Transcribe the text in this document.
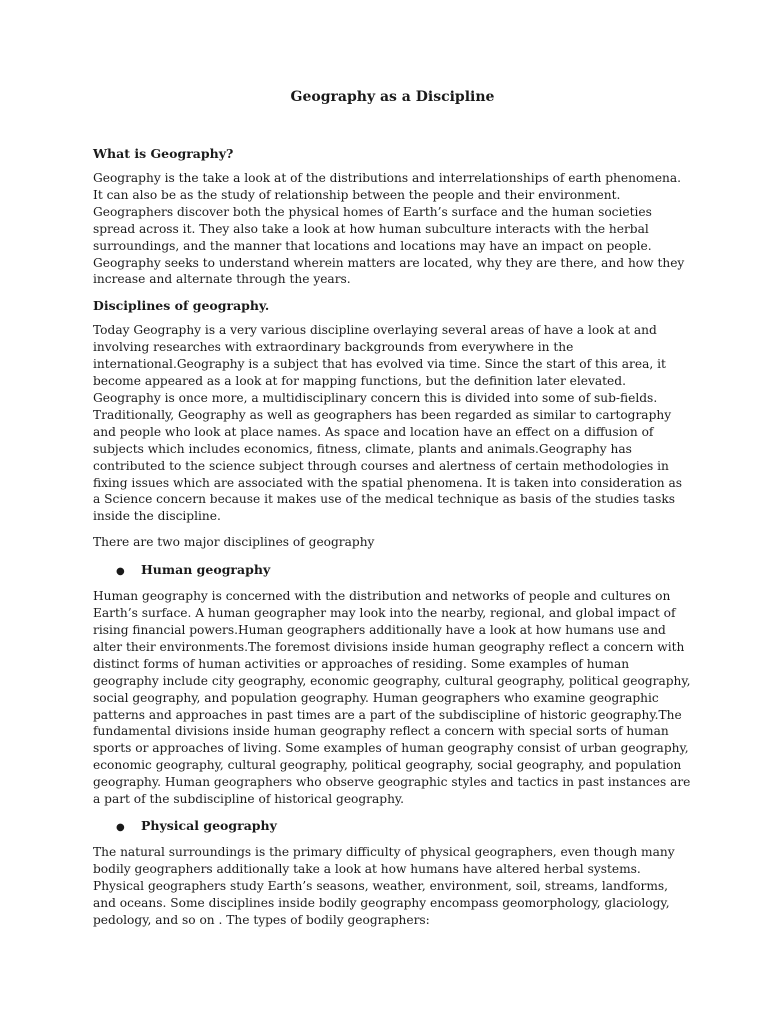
Geography as a Discipline
What is Geography?
Geography is the take a look at of the distributions and interrelationships of earth phenomena. It can also be as the study of relationship between the people and their environment. Geographers discover both the physical homes of Earth’s surface and the human societies spread across it. They also take a look at how human subculture interacts with the herbal surroundings, and the manner that locations and locations may have an impact on people. Geography seeks to understand wherein matters are located, why they are there, and how they increase and alternate through the years.
Disciplines of geography.
Today Geography is a very various discipline overlaying several areas of have a look at and involving researches with extraordinary backgrounds from everywhere in the international.Geography is a subject that has evolved via time. Since the start of this area, it become appeared as a look at for mapping functions, but the definition later elevated. Geography is once more, a multidisciplinary concern this is divided into some of sub-fields. Traditionally, Geography as well as geographers has been regarded as similar to cartography and people who look at place names. As space and location have an effect on a diffusion of subjects which includes economics, fitness, climate, plants and animals.Geography has contributed to the science subject through courses and alertness of certain methodologies in fixing issues which are associated with the spatial phenomena. It is taken into consideration as a Science concern because it makes use of the medical technique as basis of the studies tasks inside the discipline.
There are two major disciplines of geography
●	Human geography
Human geography is concerned with the distribution and networks of people and cultures on Earth’s surface. A human geographer may look into the nearby, regional, and global impact of rising financial powers.Human geographers additionally have a look at how humans use and alter their environments.The foremost divisions inside human geography reflect a concern with distinct forms of human activities or approaches of residing. Some examples of human geography include city geography, economic geography, cultural geography, political geography, social geography, and population geography. Human geographers who examine geographic patterns and approaches in past times are a part of the subdiscipline of historic geography.The fundamental divisions inside human geography reflect a concern with special sorts of human sports or approaches of living. Some examples of human geography consist of urban geography, economic geography, cultural geography, political geography, social geography, and population geography. Human geographers who observe geographic styles and tactics in past instances are a part of the subdiscipline of historical geography.
●	Physical geography
The natural surroundings is the primary difficulty of physical geographers, even though many bodily geographers additionally take a look at how humans have altered herbal systems. Physical geographers study Earth’s seasons, weather, environment, soil, streams, landforms, and oceans. Some disciplines inside bodily geography encompass geomorphology, glaciology, pedology, and so on . The types of bodily geographers:
